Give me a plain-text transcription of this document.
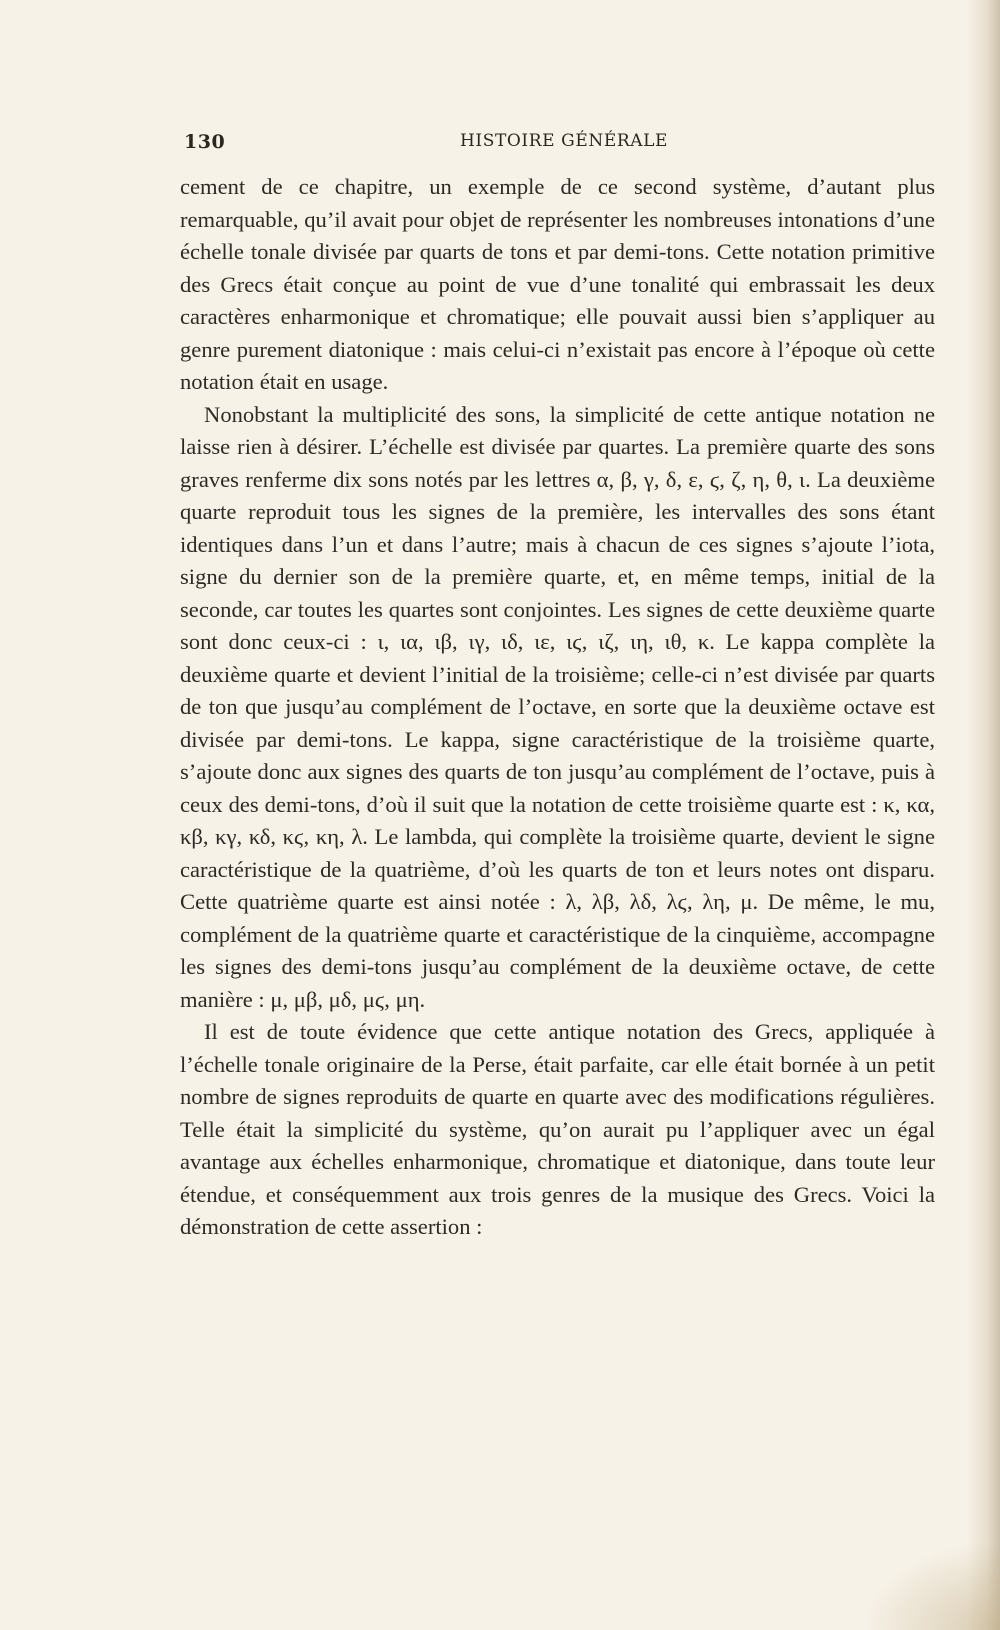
130	HISTOIRE GÉNÉRALE

cement de ce chapitre, un exemple de ce second système, d’autant plus remarquable, qu’il avait pour objet de représenter les nombreuses intonations d’une échelle tonale divisée par quarts de tons et par demi-tons. Cette notation primitive des Grecs était conçue au point de vue d’une tonalité qui embrassait les deux caractères enharmonique et chromatique; elle pouvait aussi bien s’appliquer au genre purement diatonique : mais celui-ci n’existait pas encore à l’époque où cette notation était en usage.

Nonobstant la multiplicité des sons, la simplicité de cette antique notation ne laisse rien à désirer. L’échelle est divisée par quartes. La première quarte des sons graves renferme dix sons notés par les lettres α, β, γ, δ, ε, ϛ, ζ, η, θ, ι. La deuxième quarte reproduit tous les signes de la première, les intervalles des sons étant identiques dans l’un et dans l’autre; mais à chacun de ces signes s’ajoute l’iota, signe du dernier son de la première quarte, et, en même temps, initial de la seconde, car toutes les quartes sont conjointes. Les signes de cette deuxième quarte sont donc ceux-ci : ι, ια, ιβ, ιγ, ιδ, ιε, ιϛ, ιζ, ιη, ιθ, κ. Le kappa complète la deuxième quarte et devient l’initial de la troisième; celle-ci n’est divisée par quarts de ton que jusqu’au complément de l’octave, en sorte que la deuxième octave est divisée par demi-tons. Le kappa, signe caractéristique de la troisième quarte, s’ajoute donc aux signes des quarts de ton jusqu’au complément de l’octave, puis à ceux des demi-tons, d’où il suit que la notation de cette troisième quarte est : κ, κα, κβ, κγ, κδ, κϛ, κη, λ. Le lambda, qui complète la troisième quarte, devient le signe caractéristique de la quatrième, d’où les quarts de ton et leurs notes ont disparu. Cette quatrième quarte est ainsi notée : λ, λβ, λδ, λϛ, λη, μ. De même, le mu, complément de la quatrième quarte et caractéristique de la cinquième, accompagne les signes des demi-tons jusqu’au complément de la deuxième octave, de cette manière : μ, μβ, μδ, μϛ, μη.

Il est de toute évidence que cette antique notation des Grecs, appliquée à l’échelle tonale originaire de la Perse, était parfaite, car elle était bornée à un petit nombre de signes reproduits de quarte en quarte avec des modifications régulières. Telle était la simplicité du système, qu’on aurait pu l’appliquer avec un égal avantage aux échelles enharmonique, chromatique et diatonique, dans toute leur étendue, et conséquemment aux trois genres de la musique des Grecs. Voici la démonstration de cette assertion :
